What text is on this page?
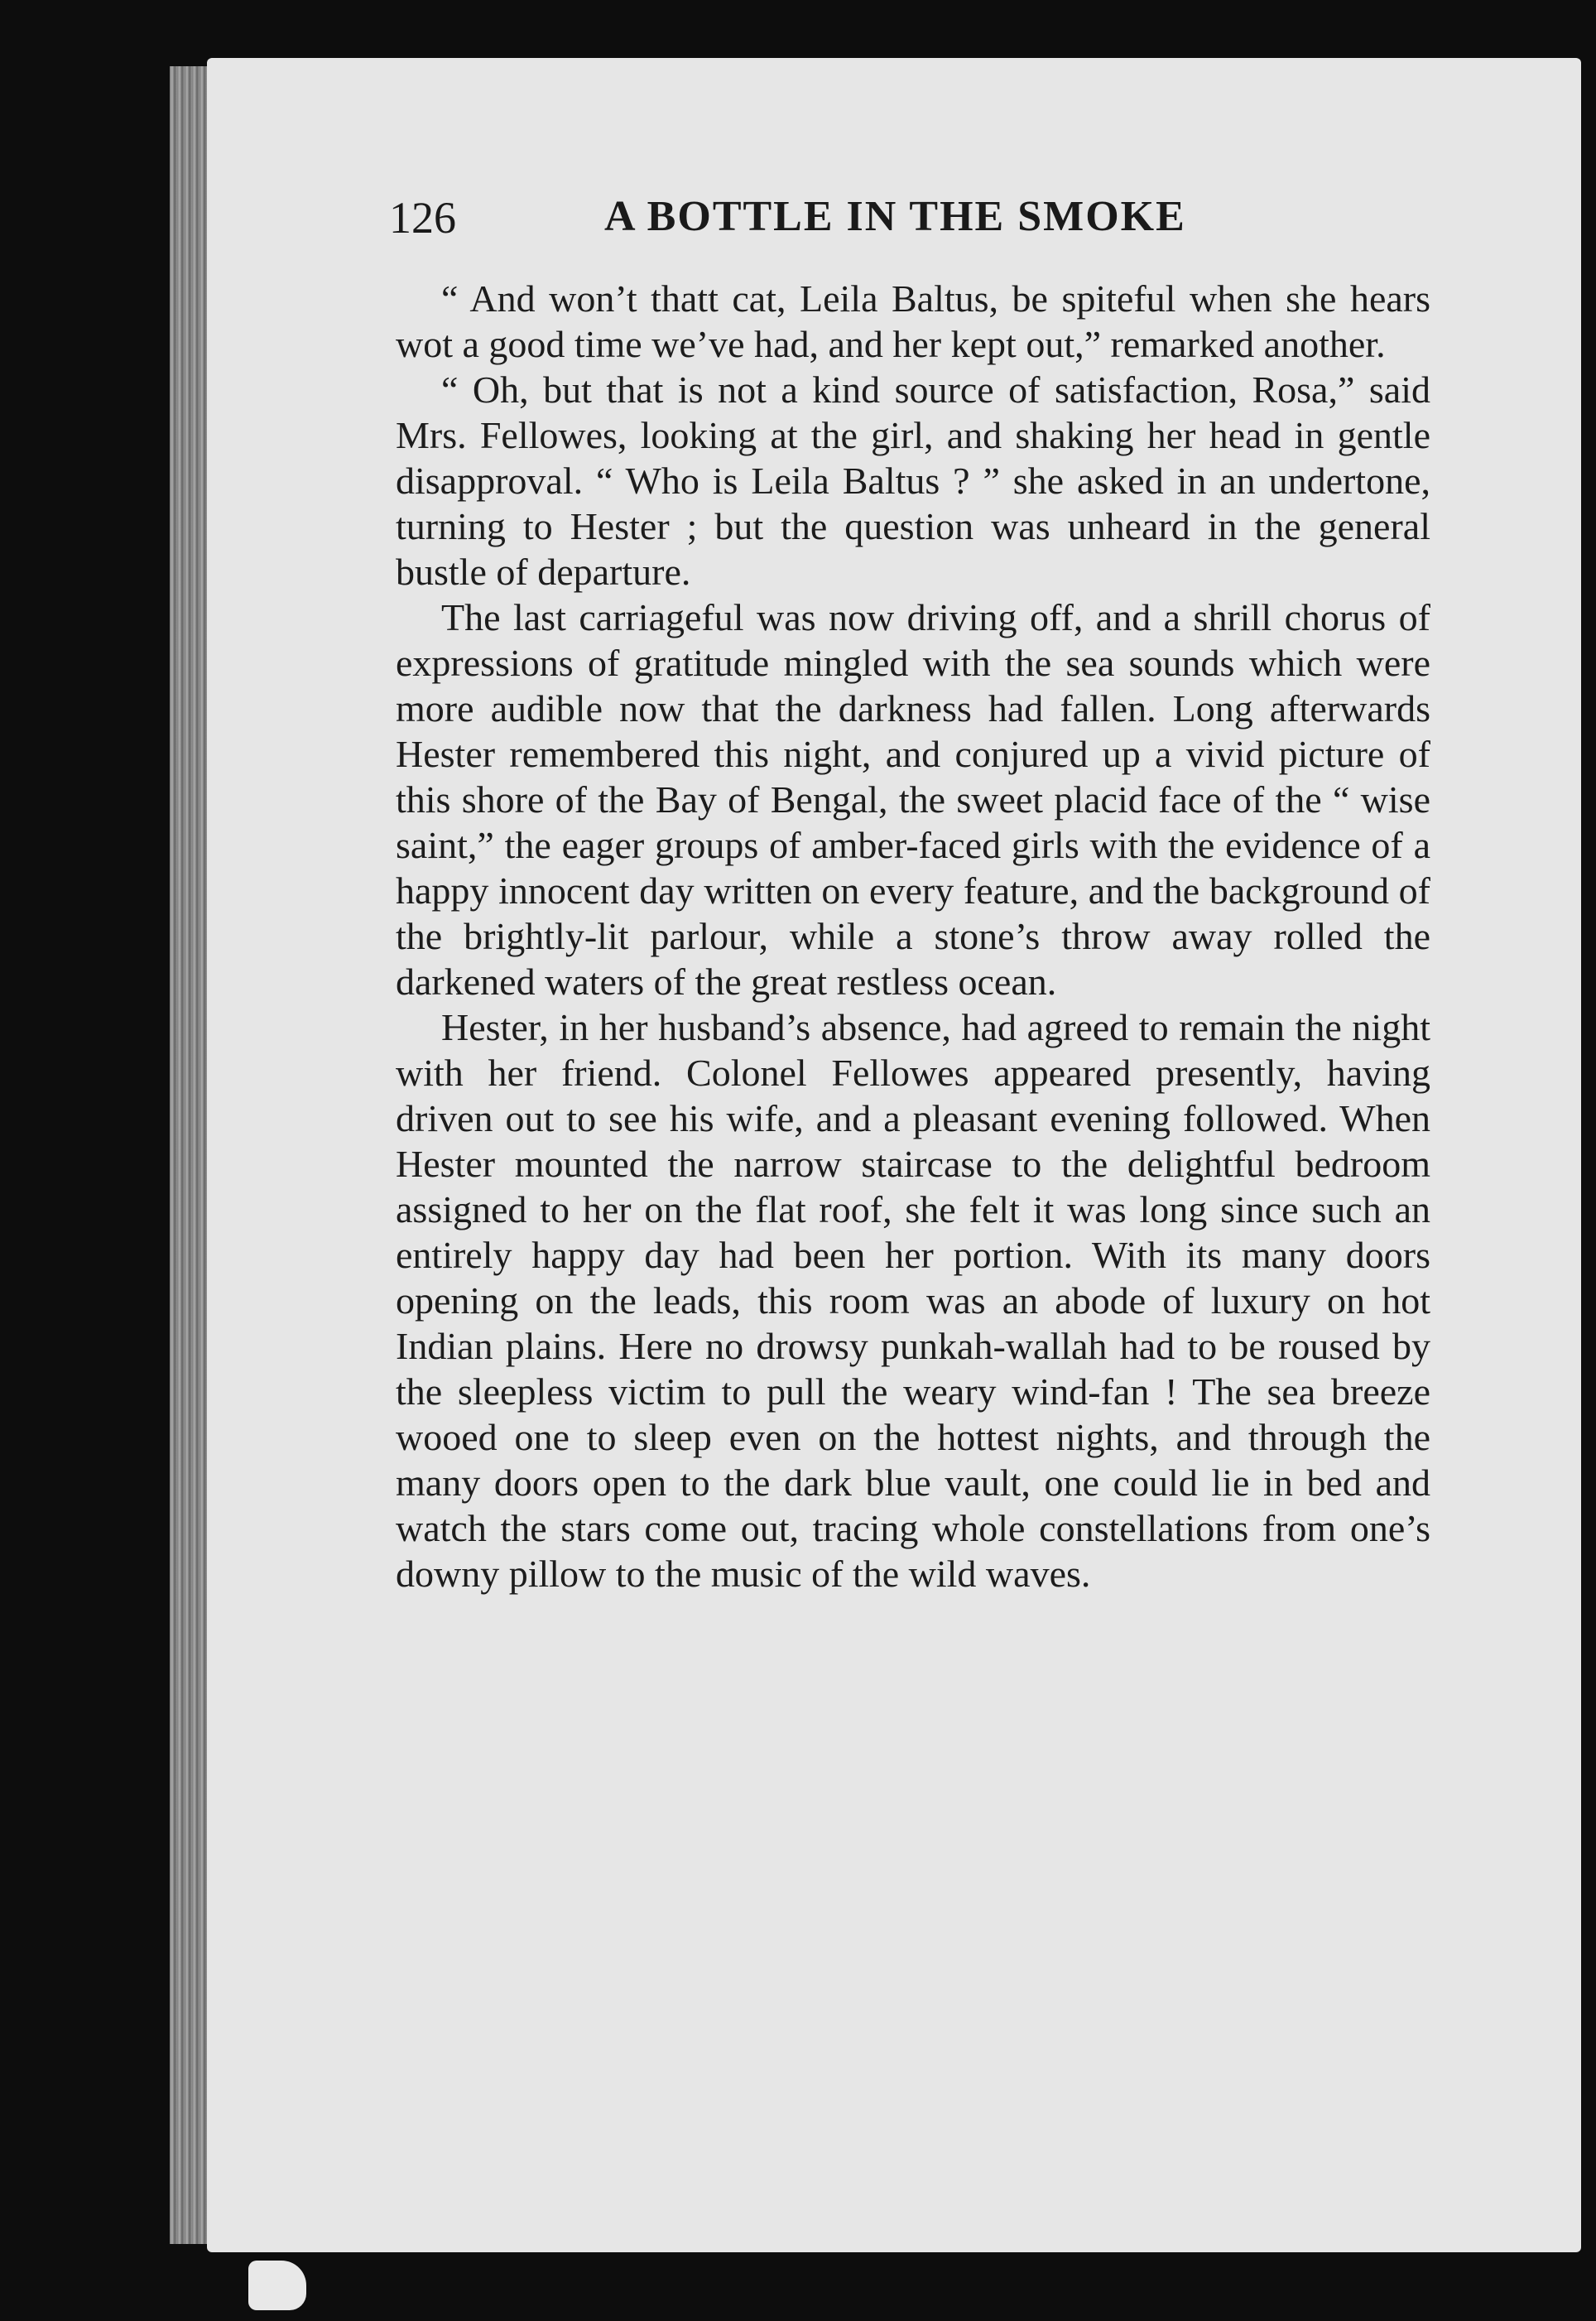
126	A BOTTLE IN THE SMOKE

“ And won’t thatt cat, Leila Baltus, be spiteful when she hears wot a good time we’ve had, and her kept out,” remarked another.

“ Oh, but that is not a kind source of satisfaction, Rosa,” said Mrs. Fellowes, looking at the girl, and shaking her head in gentle disapproval. “ Who is Leila Baltus ? ” she asked in an undertone, turning to Hester ; but the question was unheard in the general bustle of departure.

The last carriageful was now driving off, and a shrill chorus of expressions of gratitude mingled with the sea sounds which were more audible now that the darkness had fallen. Long afterwards Hester remembered this night, and conjured up a vivid picture of this shore of the Bay of Bengal, the sweet placid face of the “ wise saint,” the eager groups of amber-faced girls with the evidence of a happy innocent day written on every feature, and the background of the brightly-lit parlour, while a stone’s throw away rolled the darkened waters of the great restless ocean.

Hester, in her husband’s absence, had agreed to remain the night with her friend. Colonel Fellowes appeared presently, having driven out to see his wife, and a pleasant evening followed. When Hester mounted the narrow staircase to the delightful bedroom assigned to her on the flat roof, she felt it was long since such an entirely happy day had been her portion. With its many doors opening on the leads, this room was an abode of luxury on hot Indian plains. Here no drowsy punkah-wallah had to be roused by the sleepless victim to pull the weary wind-fan ! The sea breeze wooed one to sleep even on the hottest nights, and through the many doors open to the dark blue vault, one could lie in bed and watch the stars come out, tracing whole constellations from one’s downy pillow to the music of the wild waves.
